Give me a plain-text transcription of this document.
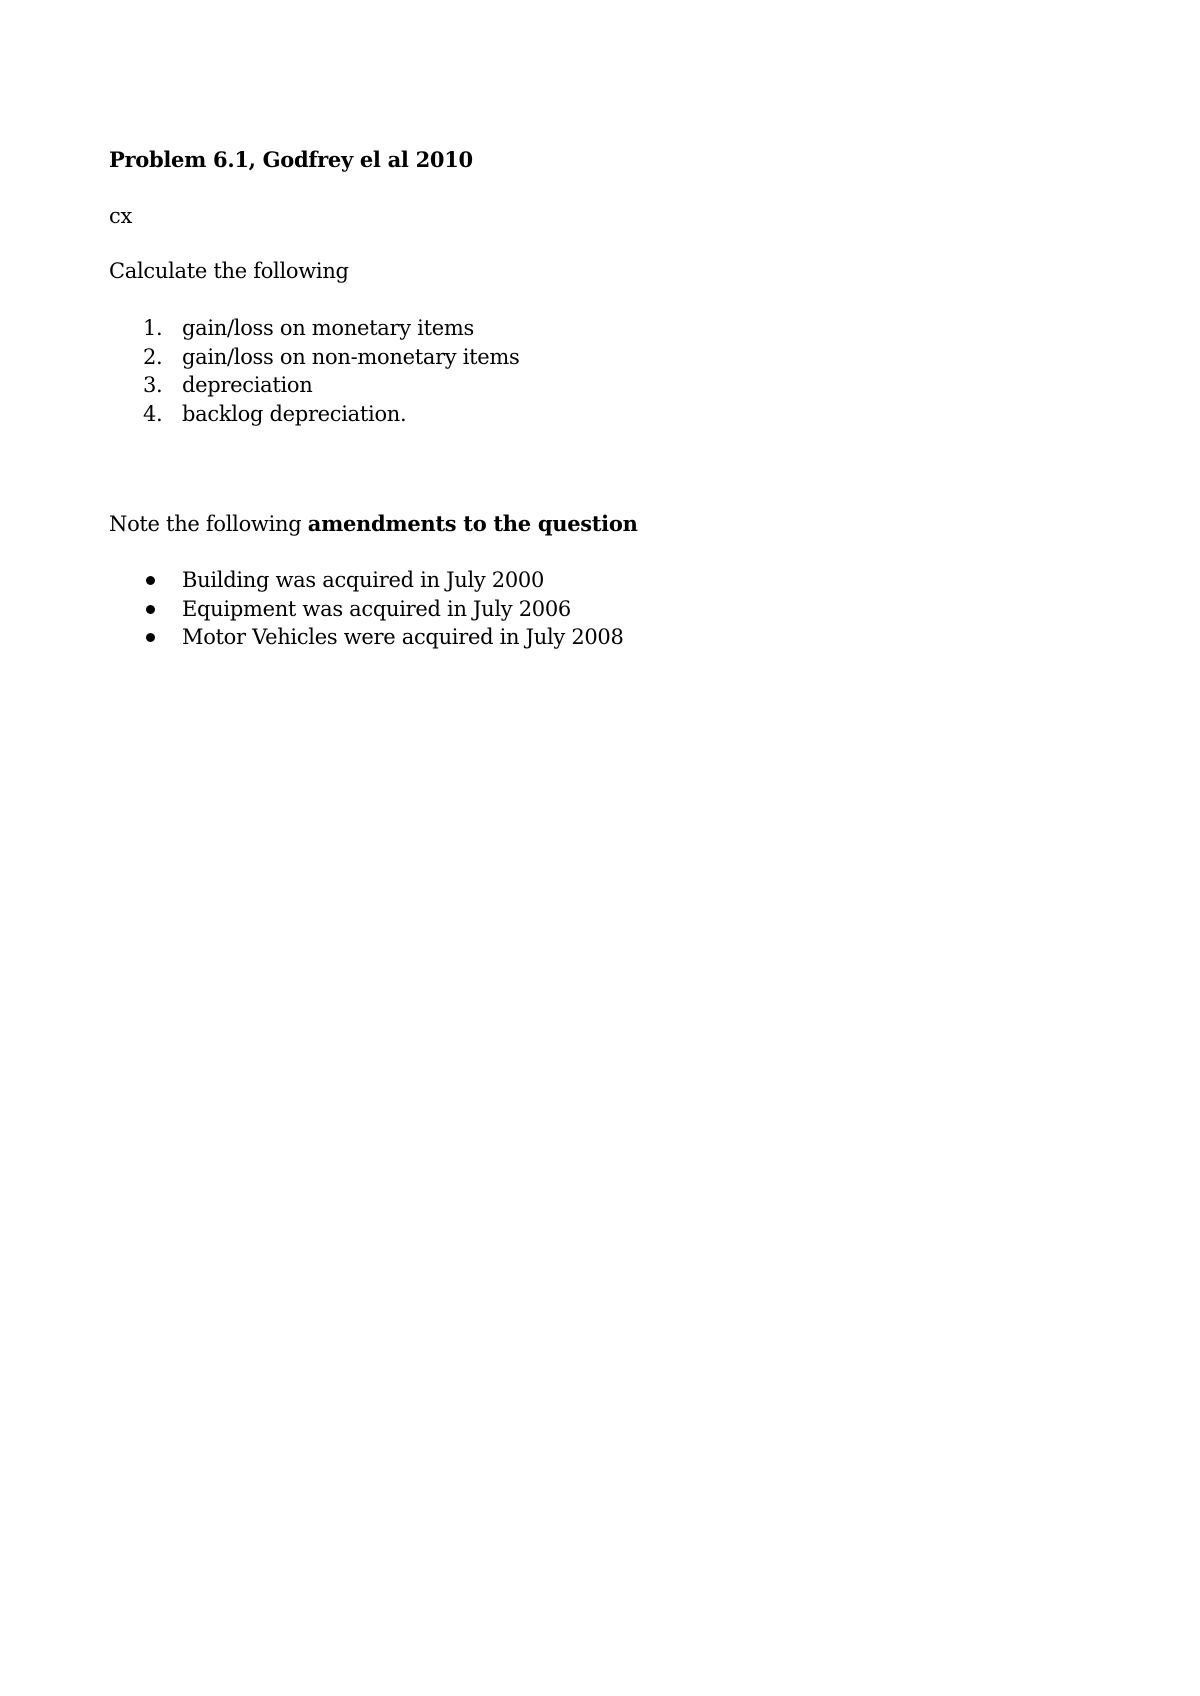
Problem 6.1, Godfrey el al 2010
cx
Calculate the following
1. gain/loss on monetary items
2. gain/loss on non-monetary items
3. depreciation
4. backlog depreciation.
Note the following amendments to the question
Building was acquired in July 2000
Equipment was acquired in July 2006
Motor Vehicles were acquired in July 2008
